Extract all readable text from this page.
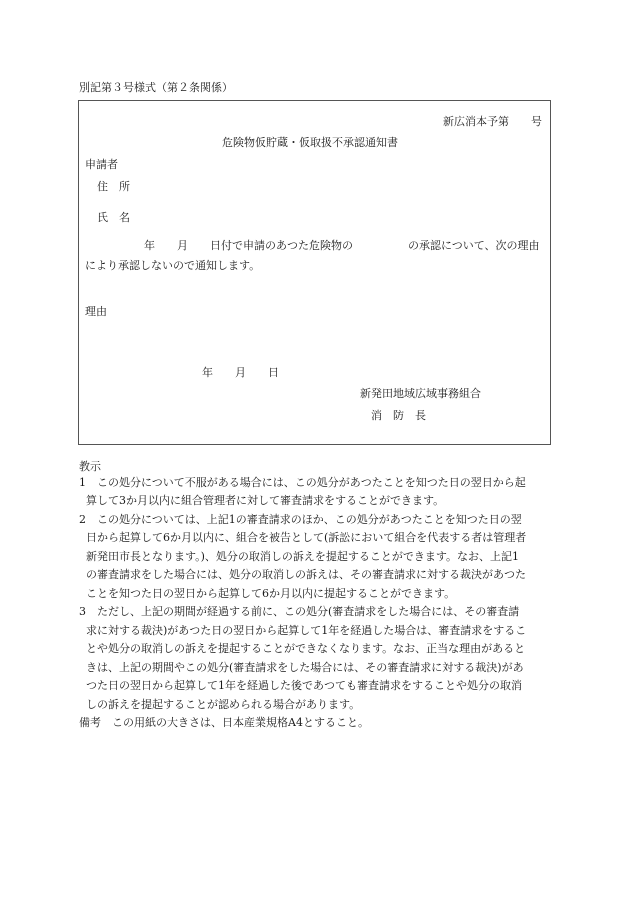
別記第３号様式（第２条関係）
新広消本予第　　号
危険物仮貯蔵・仮取扱不承認通知書
申請者
住　所
氏　名
年　　月　　日付で申請のあつた危険物の　　　　　の承認について、次の理由
により承認しないので通知します。
理由
年　　月　　日
新発田地域広域事務組合
消　防　長
教示
1 この処分について不服がある場合には、この処分があつたことを知つた日の翌日から起
算して3か月以内に組合管理者に対して審査請求をすることができます。
2 この処分については、上記1の審査請求のほか、この処分があつたことを知つた日の翌
日から起算して6か月以内に、組合を被告として(訴訟において組合を代表する者は管理者
新発田市長となります。)、処分の取消しの訴えを提起することができます。なお、上記1
の審査請求をした場合には、処分の取消しの訴えは、その審査請求に対する裁決があつた
ことを知つた日の翌日から起算して6か月以内に提起することができます。
3 ただし、上記の期間が経過する前に、この処分(審査請求をした場合には、その審査請
求に対する裁決)があつた日の翌日から起算して1年を経過した場合は、審査請求をするこ
とや処分の取消しの訴えを提起することができなくなります。なお、正当な理由があると
きは、上記の期間やこの処分(審査請求をした場合には、その審査請求に対する裁決)があ
つた日の翌日から起算して1年を経過した後であつても審査請求をすることや処分の取消
しの訴えを提起することが認められる場合があります。
備考　この用紙の大きさは、日本産業規格A4とすること。
